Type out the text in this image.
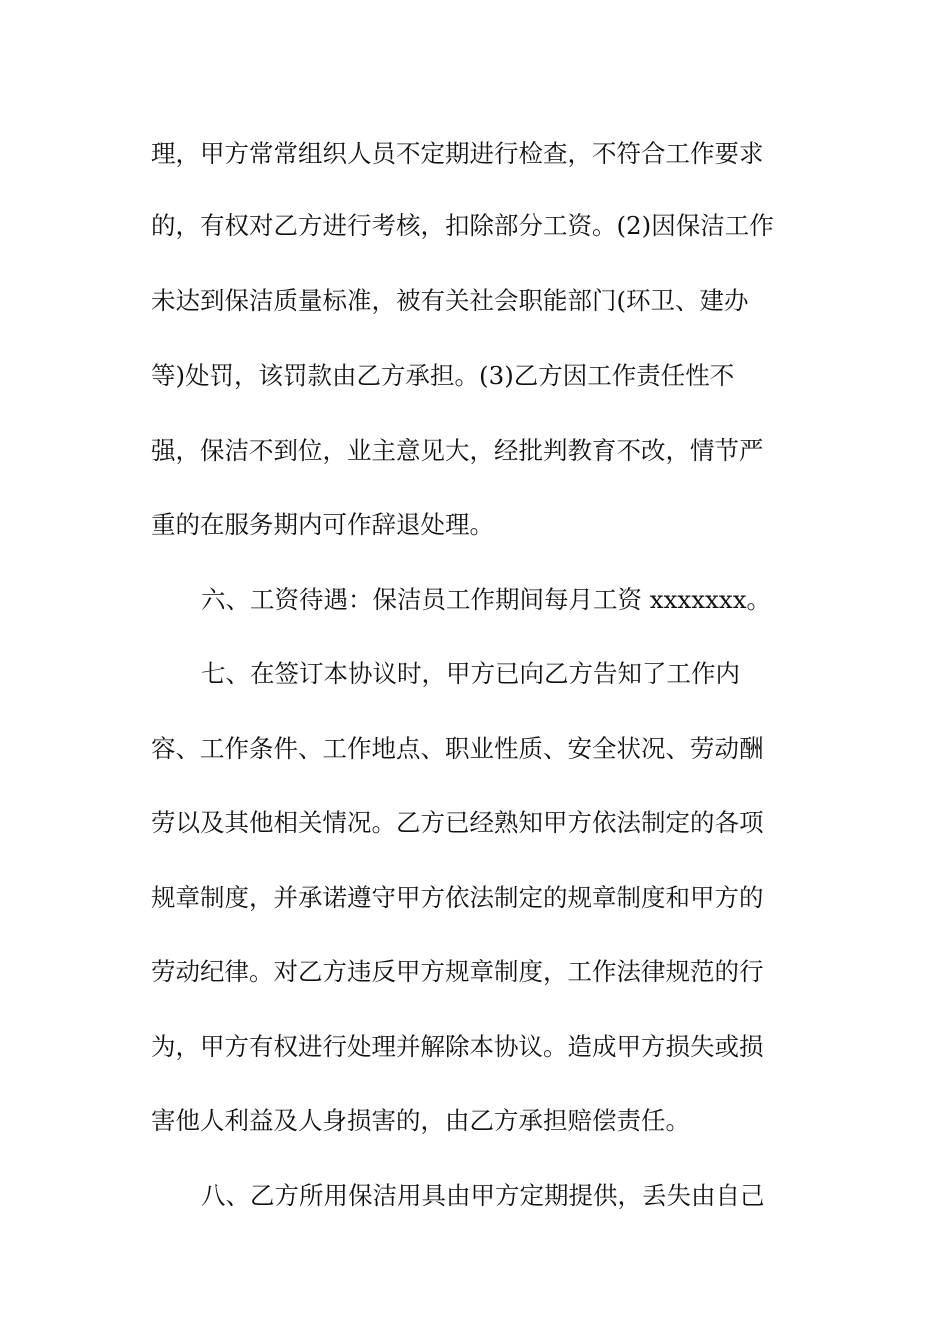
理，甲方常常组织人员不定期进行检查，不符合工作要求
的，有权对乙方进行考核，扣除部分工资。(2)因保洁工作
未达到保洁质量标准，被有关社会职能部门(环卫、建办
等)处罚，该罚款由乙方承担。(3)乙方因工作责任性不
强，保洁不到位，业主意见大，经批判教育不改，情节严
重的在服务期内可作辞退处理。
六、工资待遇：保洁员工作期间每月工资 xxxxxxx。
七、在签订本协议时，甲方已向乙方告知了工作内
容、工作条件、工作地点、职业性质、安全状况、劳动酬
劳以及其他相关情况。乙方已经熟知甲方依法制定的各项
规章制度，并承诺遵守甲方依法制定的规章制度和甲方的
劳动纪律。对乙方违反甲方规章制度，工作法律规范的行
为，甲方有权进行处理并解除本协议。造成甲方损失或损
害他人利益及人身损害的，由乙方承担赔偿责任。
八、乙方所用保洁用具由甲方定期提供，丢失由自己
